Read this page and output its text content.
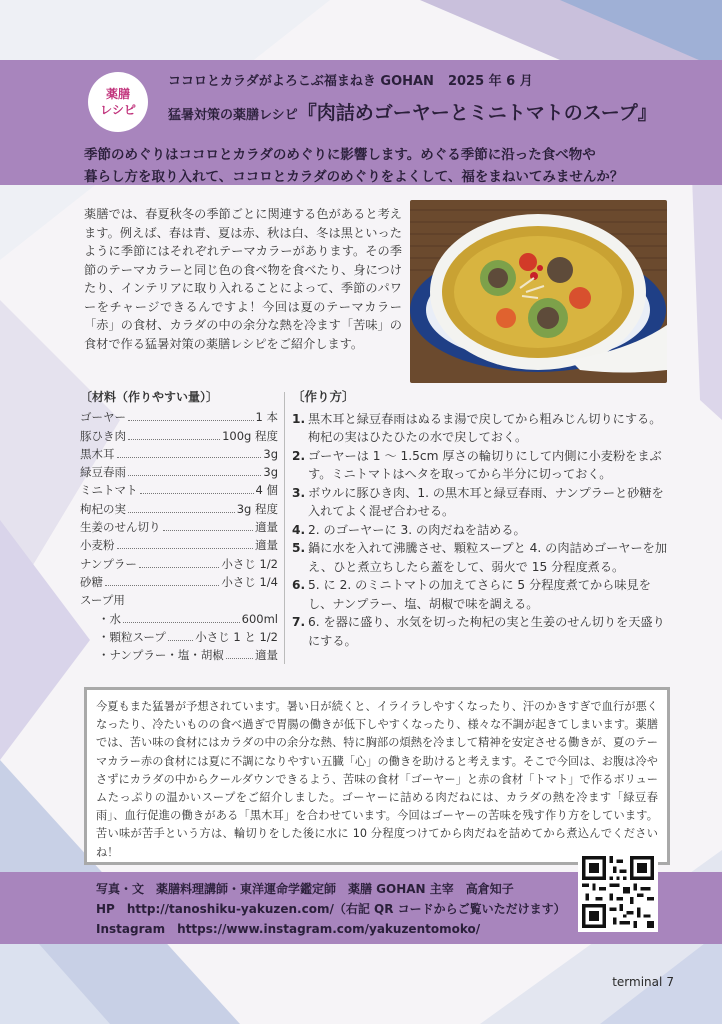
薬膳
レシピ
ココロとカラダがよろこぶ福まねき GOHAN 2025 年 6 月
猛暑対策の薬膳レシピ『肉詰めゴーヤーとミニトマトのスープ』
季節のめぐりはココロとカラダのめぐりに影響します。めぐる季節に沿った食べ物や
暮らし方を取り入れて、ココロとカラダのめぐりをよくして、福をまねいてみませんか？
薬膳では、春夏秋冬の季節ごとに関連する色があると考えます。例えば、春は青、夏は赤、秋は白、冬は黒といったように季節にはそれぞれテーマカラーがあります。その季節のテーマカラーと同じ色の食べ物を食べたり、身につけたり、インテリアに取り入れることによって、季節のパワーをチャージできるんですよ！今回は夏のテーマカラー「赤」の食材、カラダの中の余分な熱を冷ます「苦味」の食材で作る猛暑対策の薬膳レシピをご紹介します。
〔材料（作りやすい量）〕
ゴーヤー	1 本
豚ひき肉	100g 程度
黒木耳	3g
緑豆春雨	3g
ミニトマト	4 個
枸杞の実	3g 程度
生姜のせん切り	適量
小麦粉	適量
ナンプラー	小さじ 1/2
砂糖	小さじ 1/4
スープ用
・水	600ml
・顆粒スープ	小さじ 1 と 1/2
・ナンプラー・塩・胡椒	適量
〔作り方〕
1. 黒木耳と緑豆春雨はぬるま湯で戻してから粗みじん切りにする。枸杞の実はひたひたの水で戻しておく。
2. ゴーヤーは 1 〜 1.5cm 厚さの輪切りにして内側に小麦粉をまぶす。ミニトマトはヘタを取ってから半分に切っておく。
3. ボウルに豚ひき肉、1. の黒木耳と緑豆春雨、ナンプラーと砂糖を入れてよく混ぜ合わせる。
4. 2. のゴーヤーに 3. の肉だねを詰める。
5. 鍋に水を入れて沸騰させ、顆粒スープと 4. の肉詰めゴーヤーを加え、ひと煮立ちしたら蓋をして、弱火で 15 分程度煮る。
6. 5. に 2. のミニトマトの加えてさらに 5 分程度煮てから味見をし、ナンプラー、塩、胡椒で味を調える。
7. 6. を器に盛り、水気を切った枸杞の実と生姜のせん切りを天盛りにする。
今夏もまた猛暑が予想されています。暑い日が続くと、イライラしやすくなったり、汗のかきすぎで血行が悪くなったり、冷たいものの食べ過ぎで胃腸の働きが低下しやすくなったり、様々な不調が起きてしまいます。薬膳では、苦い味の食材にはカラダの中の余分な熱、特に胸部の煩熱を冷まして精神を安定させる働きが、夏のテーマカラー赤の食材には夏に不調になりやすい五臓「心」の働きを助けると考えます。そこで今回は、お腹は冷やさずにカラダの中からクールダウンできるよう、苦味の食材「ゴーヤー」と赤の食材「トマト」で作るボリュームたっぷりの温かいスープをご紹介しました。ゴーヤーに詰める肉だねには、カラダの熱を冷ます「緑豆春雨」、血行促進の働きがある「黒木耳」を合わせています。今回はゴーヤーの苦味を残す作り方をしています。苦い味が苦手という方は、輪切りをした後に水に 10 分程度つけてから肉だねを詰めてから煮込んでくださいね！
写真・文　薬膳料理講師・東洋運命学鑑定師　薬膳 GOHAN 主宰　高倉知子
HP　http://tanoshiku-yakuzen.com/（右記 QR コードからご覧いただけます）
Instagram　https://www.instagram.com/yakuzentomoko/
terminal 7
